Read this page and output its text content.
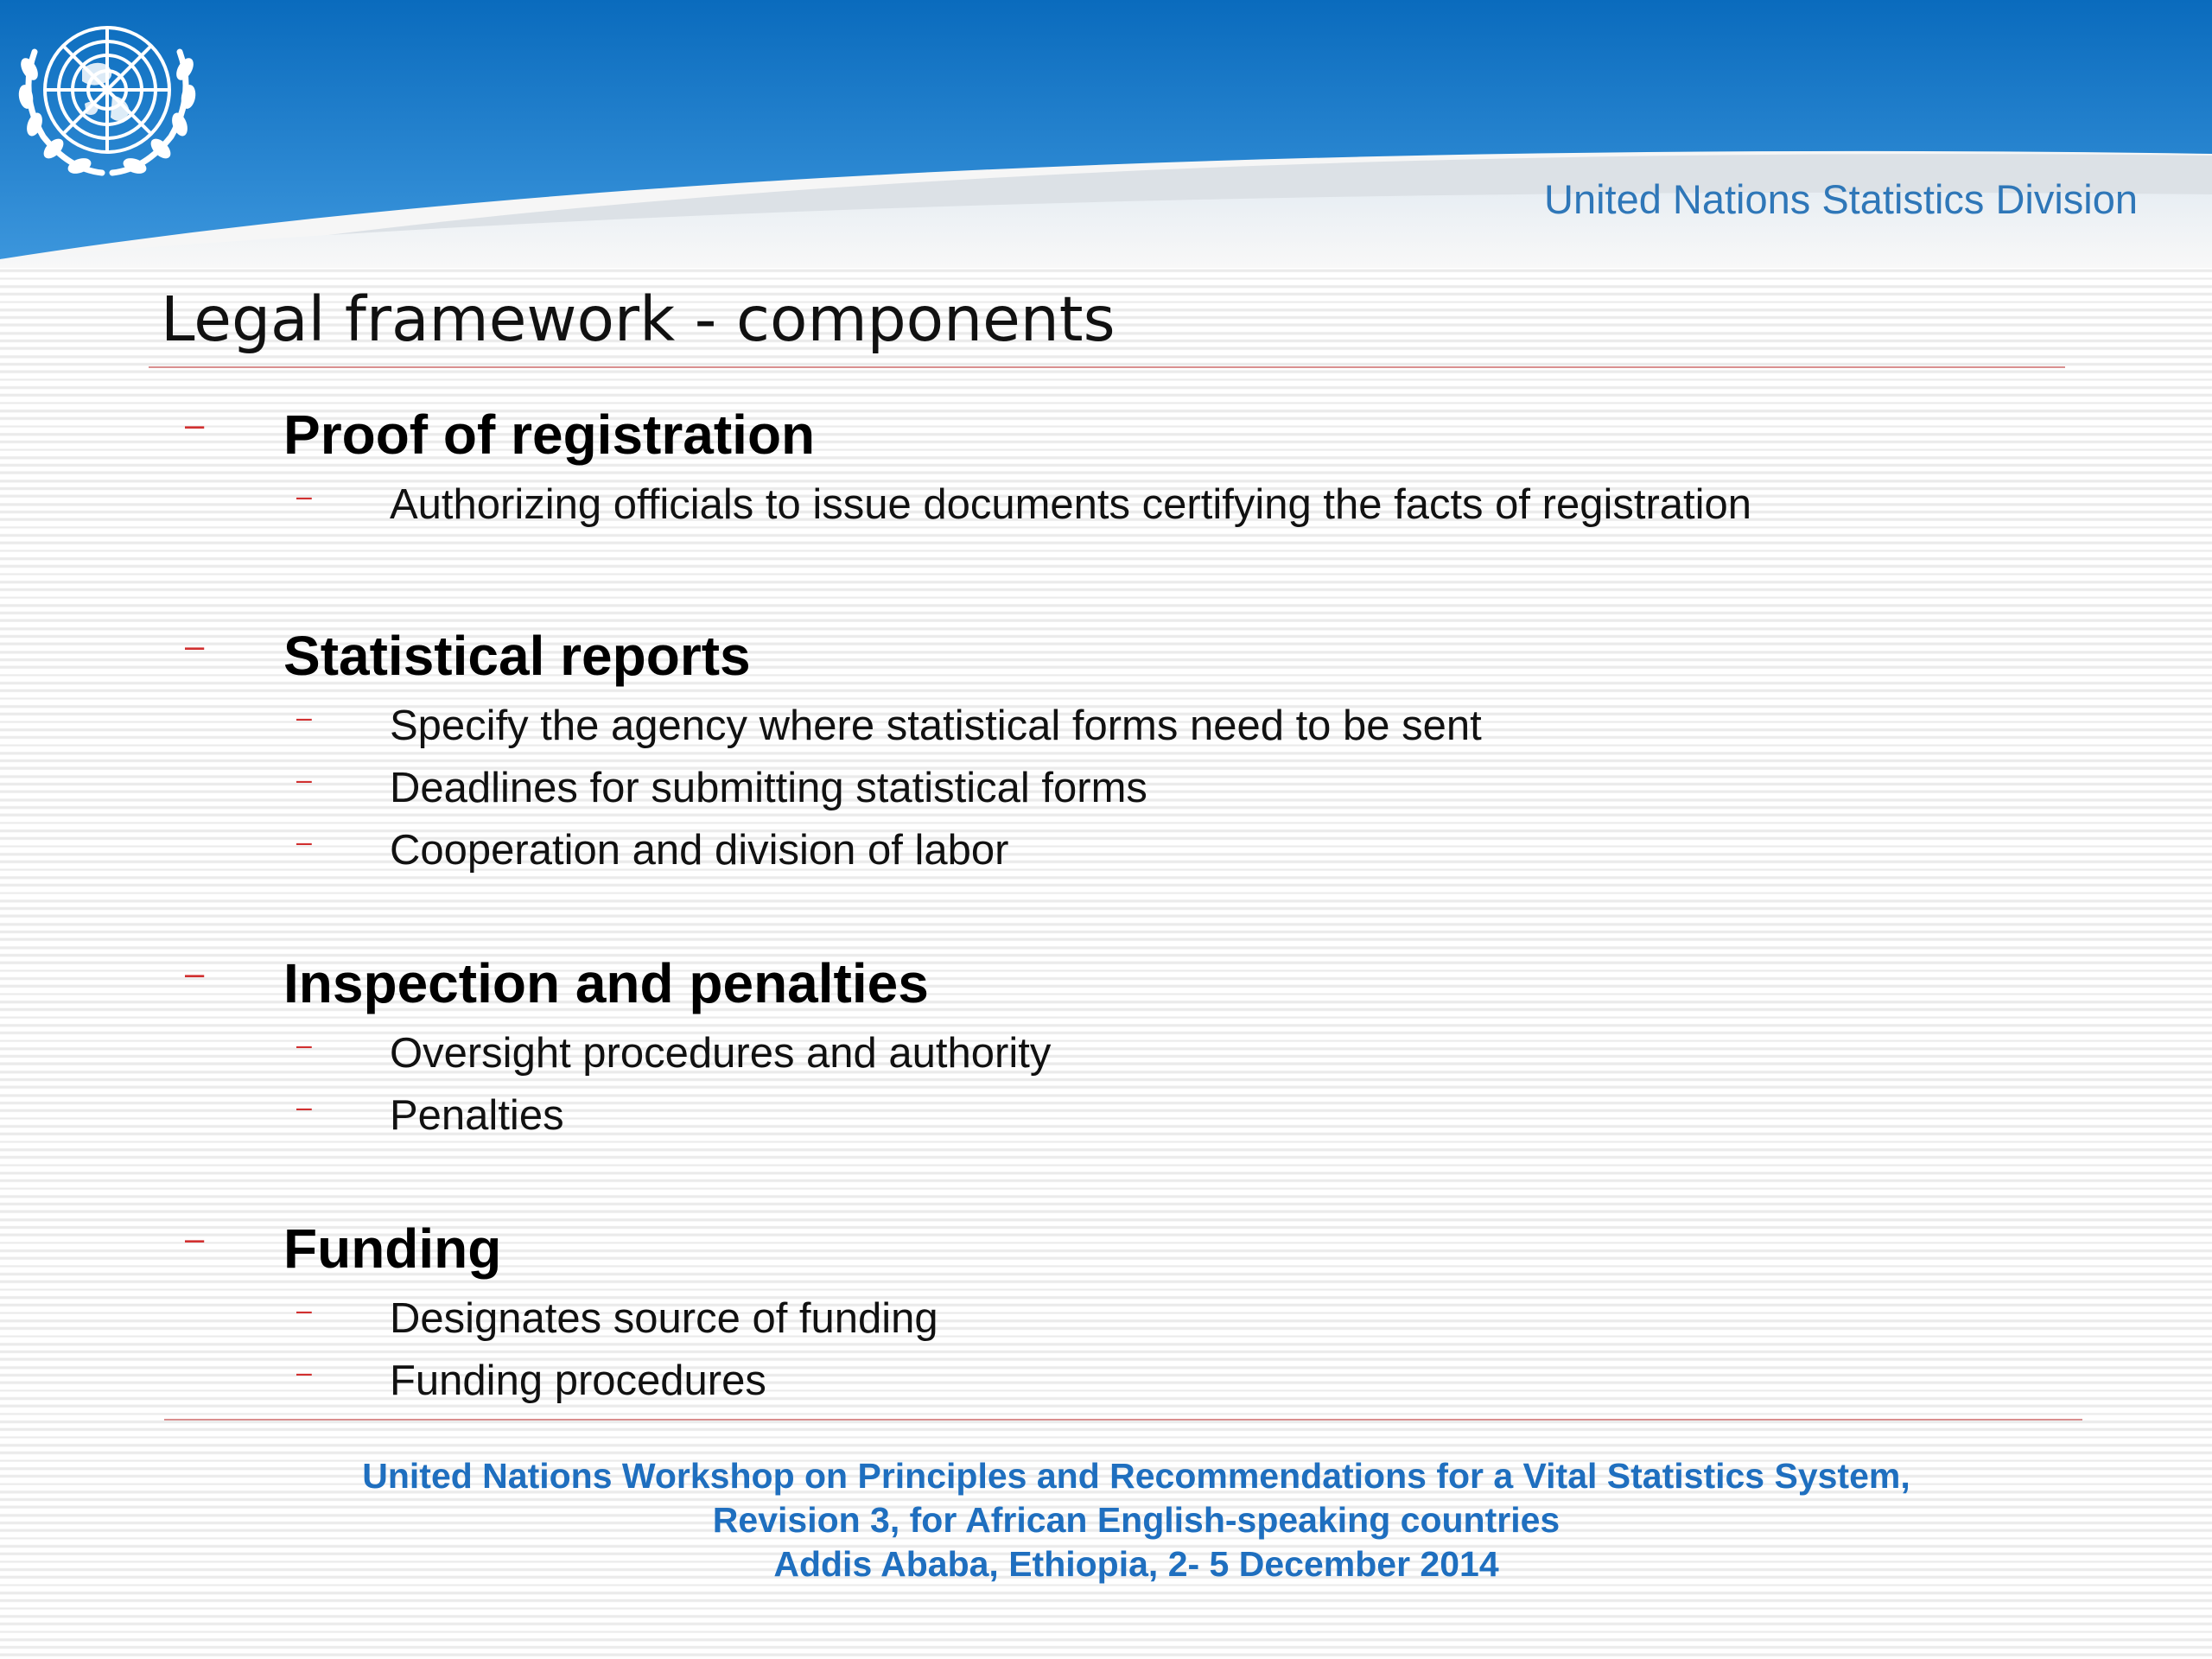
United Nations Statistics Division
Legal framework - components
– Proof of registration
– Authorizing officials to issue documents certifying the facts of registration
– Statistical reports
– Specify the agency where statistical forms need to be sent
– Deadlines for submitting statistical forms
– Cooperation and division of labor
– Inspection and penalties
– Oversight procedures and authority
– Penalties
– Funding
– Designates source of funding
– Funding procedures
United Nations Workshop on Principles and Recommendations for a Vital Statistics System,
Revision 3, for African English-speaking countries
Addis Ababa, Ethiopia, 2- 5 December 2014
